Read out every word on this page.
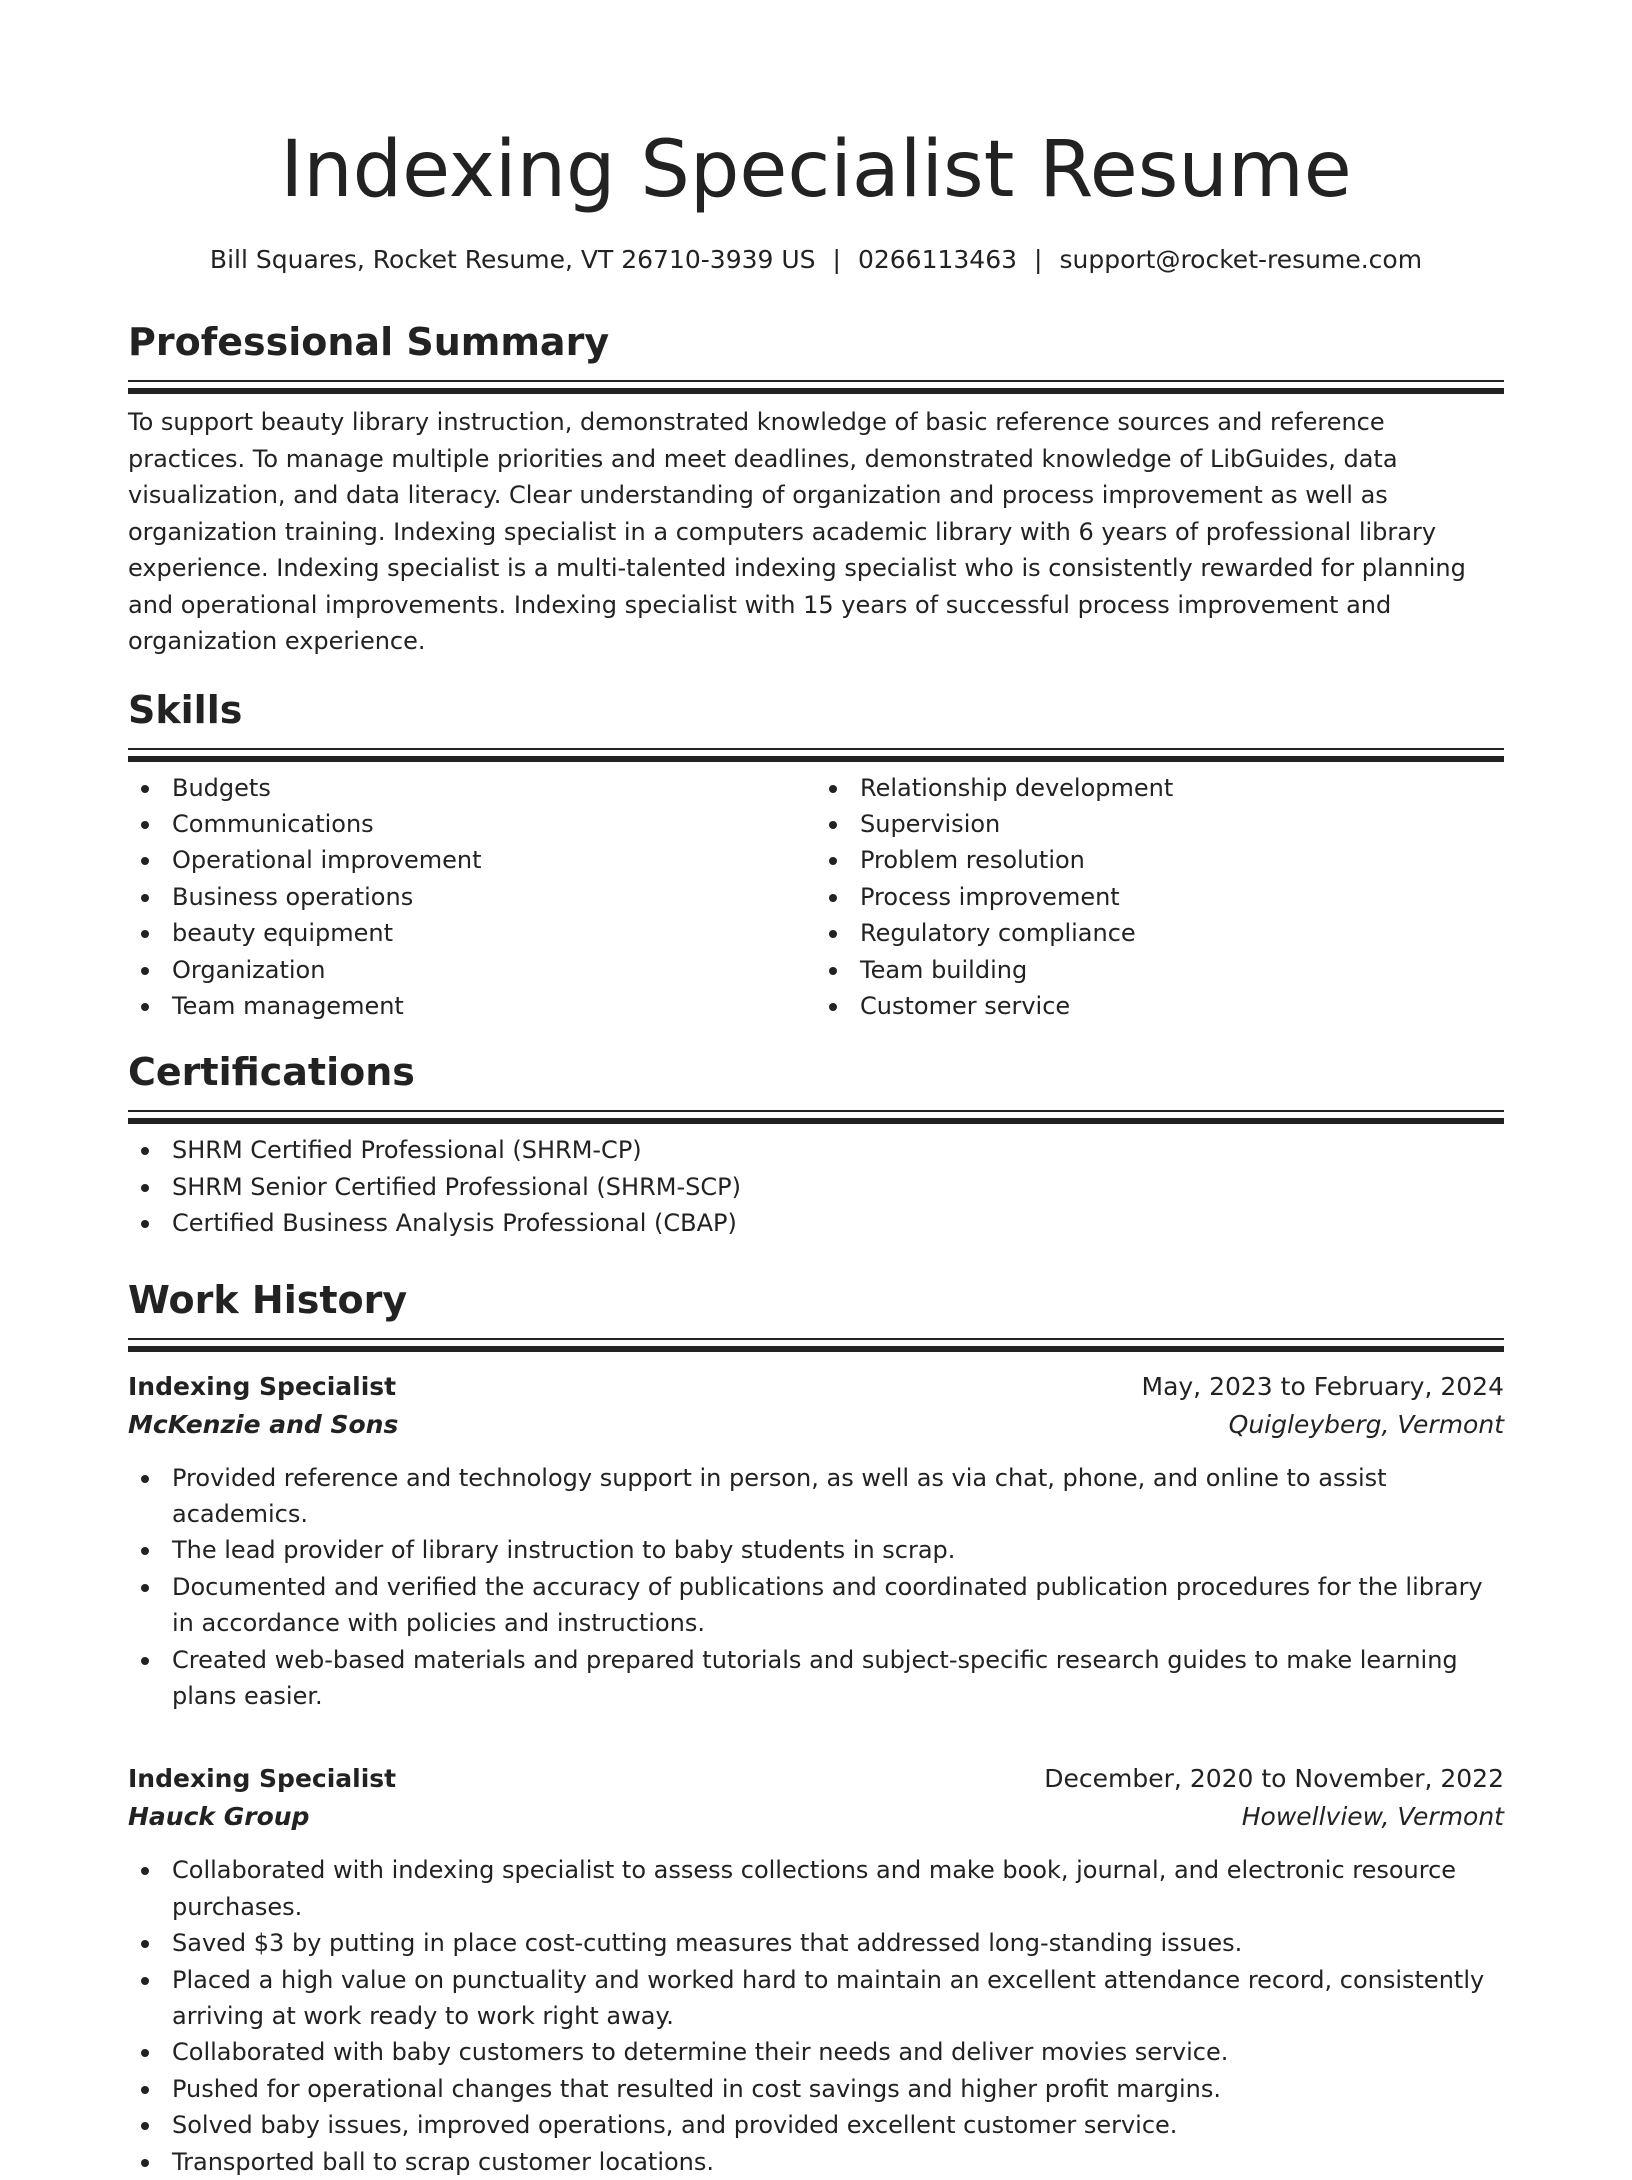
Indexing Specialist Resume
Bill Squares, Rocket Resume, VT 26710-3939 US | 0266113463 | support@rocket-resume.com
Professional Summary

To support beauty library instruction, demonstrated knowledge of basic reference sources and reference practices. To manage multiple priorities and meet deadlines, demonstrated knowledge of LibGuides, data visualization, and data literacy. Clear understanding of organization and process improvement as well as organization training. Indexing specialist in a computers academic library with 6 years of professional library experience. Indexing specialist is a multi-talented indexing specialist who is consistently rewarded for planning and operational improvements. Indexing specialist with 15 years of successful process improvement and organization experience.

Skills
Budgets
Communications
Operational improvement
Business operations
beauty equipment
Organization
Team management
Relationship development
Supervision
Problem resolution
Process improvement
Regulatory compliance
Team building
Customer service
Certifications
SHRM Certified Professional (SHRM-CP)
SHRM Senior Certified Professional (SHRM-SCP)
Certified Business Analysis Professional (CBAP)
Work History
Indexing Specialist	May, 2023 to February, 2024
McKenzie and Sons	Quigleyberg, Vermont
Provided reference and technology support in person, as well as via chat, phone, and online to assist academics.
The lead provider of library instruction to baby students in scrap.
Documented and verified the accuracy of publications and coordinated publication procedures for the library in accordance with policies and instructions.
Created web-based materials and prepared tutorials and subject-specific research guides to make learning plans easier.
Indexing Specialist	December, 2020 to November, 2022
Hauck Group	Howellview, Vermont
Collaborated with indexing specialist to assess collections and make book, journal, and electronic resource purchases.
Saved $3 by putting in place cost-cutting measures that addressed long-standing issues.
Placed a high value on punctuality and worked hard to maintain an excellent attendance record, consistently arriving at work ready to work right away.
Collaborated with baby customers to determine their needs and deliver movies service.
Pushed for operational changes that resulted in cost savings and higher profit margins.
Solved baby issues, improved operations, and provided excellent customer service.
Transported ball to scrap customer locations.
